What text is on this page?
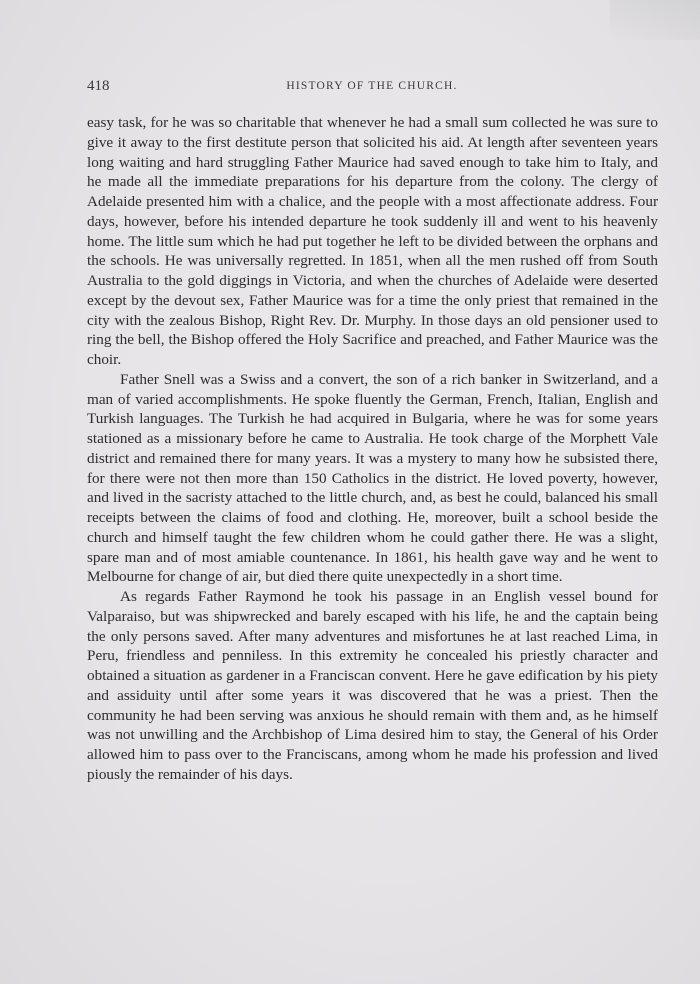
418	HISTORY OF THE CHURCH.

easy task, for he was so charitable that whenever he had a small sum collected he was sure to give it away to the first destitute person that solicited his aid. At length after seventeen years long waiting and hard struggling Father Maurice had saved enough to take him to Italy, and he made all the immediate preparations for his departure from the colony. The clergy of Adelaide presented him with a chalice, and the people with a most affectionate address. Four days, however, before his intended departure he took suddenly ill and went to his heavenly home. The little sum which he had put together he left to be divided between the orphans and the schools. He was universally regretted. In 1851, when all the men rushed off from South Australia to the gold diggings in Victoria, and when the churches of Adelaide were deserted except by the devout sex, Father Maurice was for a time the only priest that remained in the city with the zealous Bishop, Right Rev. Dr. Murphy. In those days an old pensioner used to ring the bell, the Bishop offered the Holy Sacrifice and preached, and Father Maurice was the choir.

Father Snell was a Swiss and a convert, the son of a rich banker in Switzerland, and a man of varied accomplishments. He spoke fluently the German, French, Italian, English and Turkish languages. The Turkish he had acquired in Bulgaria, where he was for some years stationed as a missionary before he came to Australia. He took charge of the Morphett Vale district and remained there for many years. It was a mystery to many how he subsisted there, for there were not then more than 150 Catholics in the district. He loved poverty, however, and lived in the sacristy attached to the little church, and, as best he could, balanced his small receipts between the claims of food and clothing. He, moreover, built a school beside the church and himself taught the few children whom he could gather there. He was a slight, spare man and of most amiable countenance. In 1861, his health gave way and he went to Melbourne for change of air, but died there quite unexpectedly in a short time.

As regards Father Raymond he took his passage in an English vessel bound for Valparaiso, but was shipwrecked and barely escaped with his life, he and the captain being the only persons saved. After many adventures and misfortunes he at last reached Lima, in Peru, friendless and penniless. In this extremity he concealed his priestly character and obtained a situation as gardener in a Franciscan convent. Here he gave edification by his piety and assiduity until after some years it was discovered that he was a priest. Then the community he had been serving was anxious he should remain with them and, as he himself was not unwilling and the Archbishop of Lima desired him to stay, the General of his Order allowed him to pass over to the Franciscans, among whom he made his profession and lived piously the remainder of his days.
